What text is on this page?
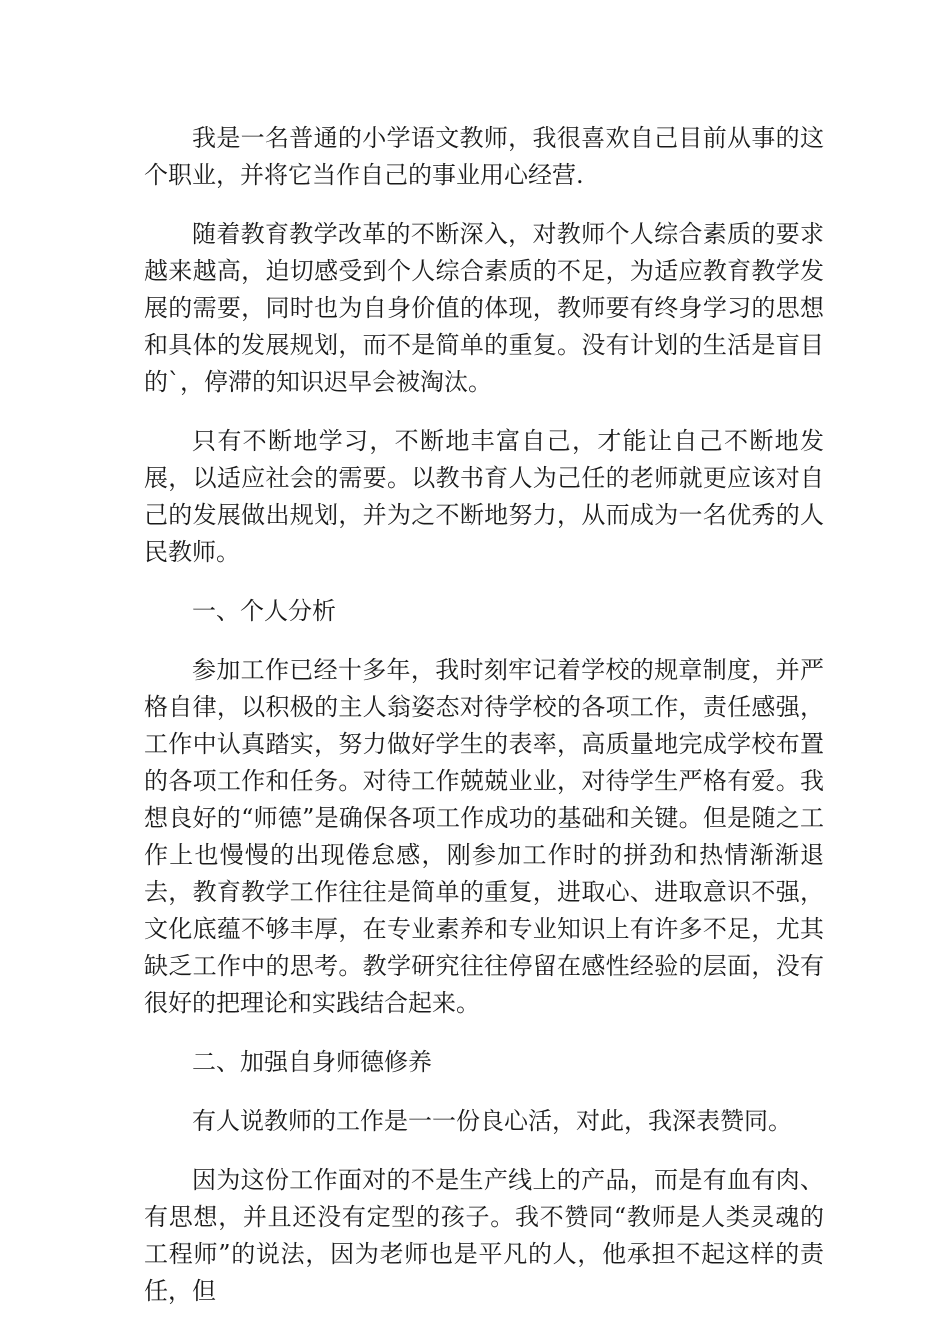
我是一名普通的小学语文教师，我很喜欢自己目前从事的这个职业，并将它当作自己的事业用心经营.

随着教育教学改革的不断深入，对教师个人综合素质的要求越来越高，迫切感受到个人综合素质的不足，为适应教育教学发展的需要，同时也为自身价值的体现，教师要有终身学习的思想和具体的发展规划，而不是简单的重复。没有计划的生活是盲目的`，停滞的知识迟早会被淘汰。

只有不断地学习，不断地丰富自己，才能让自己不断地发展，以适应社会的需要。以教书育人为己任的老师就更应该对自己的发展做出规划，并为之不断地努力，从而成为一名优秀的人民教师。

一、个人分析

参加工作已经十多年，我时刻牢记着学校的规章制度，并严格自律，以积极的主人翁姿态对待学校的各项工作，责任感强，工作中认真踏实，努力做好学生的表率，高质量地完成学校布置的各项工作和任务。对待工作兢兢业业，对待学生严格有爱。我想良好的“师德”是确保各项工作成功的基础和关键。但是随之工作上也慢慢的出现倦怠感，刚参加工作时的拼劲和热情渐渐退去，教育教学工作往往是简单的重复，进取心、进取意识不强，文化底蕴不够丰厚，在专业素养和专业知识上有许多不足，尤其缺乏工作中的思考。教学研究往往停留在感性经验的层面，没有很好的把理论和实践结合起来。

二、加强自身师德修养

有人说教师的工作是一一份良心活，对此，我深表赞同。

因为这份工作面对的不是生产线上的产品，而是有血有肉、有思想，并且还没有定型的孩子。我不赞同“教师是人类灵魂的工程师”的说法，因为老师也是平凡的人，他承担不起这样的责任，但
